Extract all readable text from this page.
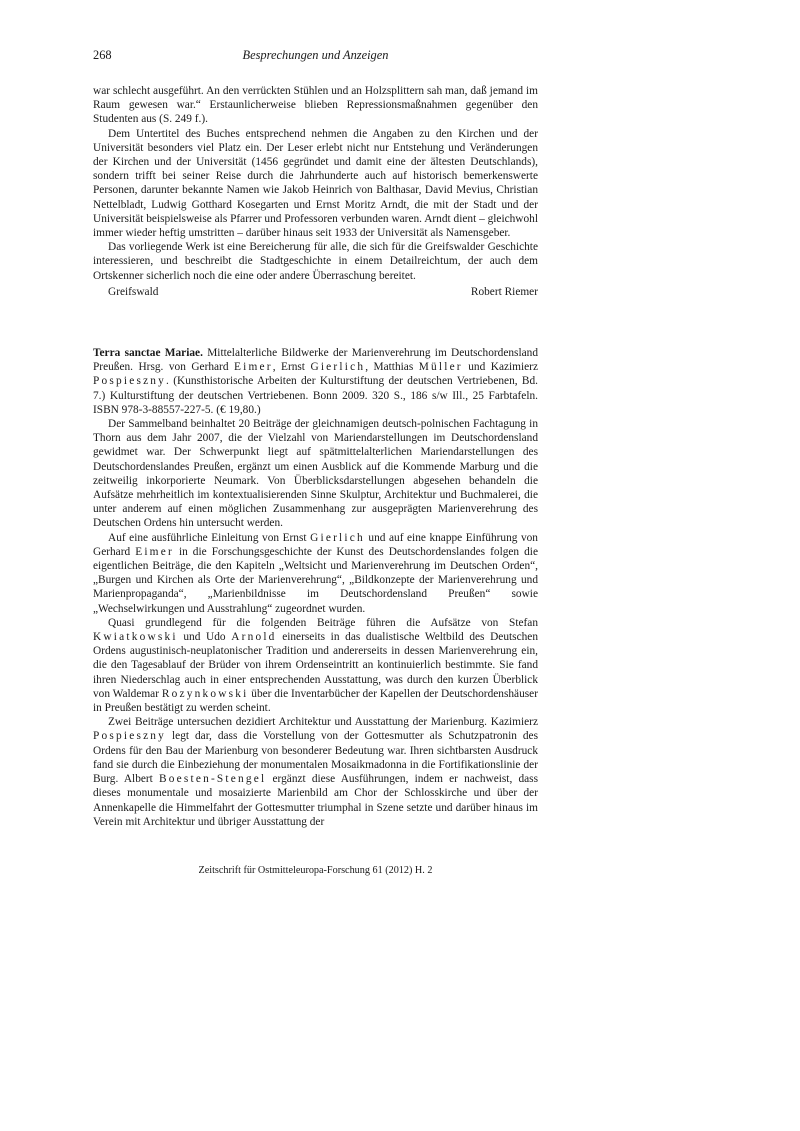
268	Besprechungen und Anzeigen

war schlecht ausgeführt. An den verrückten Stühlen und an Holzsplittern sah man, daß jemand im Raum gewesen war.“ Erstaunlicherweise blieben Repressionsmaßnahmen gegenüber den Studenten aus (S. 249 f.).

Dem Untertitel des Buches entsprechend nehmen die Angaben zu den Kirchen und der Universität besonders viel Platz ein. Der Leser erlebt nicht nur Entstehung und Veränderungen der Kirchen und der Universität (1456 gegründet und damit eine der ältesten Deutschlands), sondern trifft bei seiner Reise durch die Jahrhunderte auch auf historisch bemerkenswerte Personen, darunter bekannte Namen wie Jakob Heinrich von Balthasar, David Mevius, Christian Nettelbladt, Ludwig Gotthard Kosegarten und Ernst Moritz Arndt, die mit der Stadt und der Universität beispielsweise als Pfarrer und Professoren verbunden waren. Arndt dient – gleichwohl immer wieder heftig umstritten – darüber hinaus seit 1933 der Universität als Namensgeber.

Das vorliegende Werk ist eine Bereicherung für alle, die sich für die Greifswalder Geschichte interessieren, und beschreibt die Stadtgeschichte in einem Detailreichtum, der auch dem Ortskenner sicherlich noch die eine oder andere Überraschung bereitet.

Greifswald	Robert Riemer

Terra sanctae Mariae. Mittelalterliche Bildwerke der Marienverehrung im Deutschordensland Preußen. Hrsg. von Gerhard Eimer, Ernst Gierlich, Matthias Müller und Kazimierz Pospieszny. (Kunsthistorische Arbeiten der Kulturstiftung der deutschen Vertriebenen, Bd. 7.) Kulturstiftung der deutschen Vertriebenen. Bonn 2009. 320 S., 186 s/w Ill., 25 Farbtafeln. ISBN 978-3-88557-227-5. (€ 19,80.)

Der Sammelband beinhaltet 20 Beiträge der gleichnamigen deutsch-polnischen Fachtagung in Thorn aus dem Jahr 2007, die der Vielzahl von Mariendarstellungen im Deutschordensland gewidmet war. Der Schwerpunkt liegt auf spätmittelalterlichen Mariendarstellungen des Deutschordenslandes Preußen, ergänzt um einen Ausblick auf die Kommende Marburg und die zeitweilig inkorporierte Neumark. Von Überblicksdarstellungen abgesehen behandeln die Aufsätze mehrheitlich im kontextualisierenden Sinne Skulptur, Architektur und Buchmalerei, die unter anderem auf einen möglichen Zusammenhang zur ausgeprägten Marienverehrung des Deutschen Ordens hin untersucht werden.

Auf eine ausführliche Einleitung von Ernst Gierlich und auf eine knappe Einführung von Gerhard Eimer in die Forschungsgeschichte der Kunst des Deutschordenslandes folgen die eigentlichen Beiträge, die den Kapiteln „Weltsicht und Marienverehrung im Deutschen Orden“, „Burgen und Kirchen als Orte der Marienverehrung“, „Bildkonzepte der Marienverehrung und Marienpropaganda“, „Marienbildnisse im Deutschordensland Preußen“ sowie „Wechselwirkungen und Ausstrahlung“ zugeordnet wurden.

Quasi grundlegend für die folgenden Beiträge führen die Aufsätze von Stefan Kwiatkowski und Udo Arnold einerseits in das dualistische Weltbild des Deutschen Ordens augustinisch-neuplatonischer Tradition und andererseits in dessen Marienverehrung ein, die den Tagesablauf der Brüder von ihrem Ordenseintritt an kontinuierlich bestimmte. Sie fand ihren Niederschlag auch in einer entsprechenden Ausstattung, was durch den kurzen Überblick von Waldemar Rozynkowski über die Inventarbücher der Kapellen der Deutschordenshäuser in Preußen bestätigt zu werden scheint.

Zwei Beiträge untersuchen dezidiert Architektur und Ausstattung der Marienburg. Kazimierz Pospieszny legt dar, dass die Vorstellung von der Gottesmutter als Schutzpatronin des Ordens für den Bau der Marienburg von besonderer Bedeutung war. Ihren sichtbarsten Ausdruck fand sie durch die Einbeziehung der monumentalen Mosaikmadonna in die Fortifikationslinie der Burg. Albert Boesten-Stengel ergänzt diese Ausführungen, indem er nachweist, dass dieses monumentale und mosaizierte Marienbild am Chor der Schlosskirche und über der Annenkapelle die Himmelfahrt der Gottesmutter triumphal in Szene setzte und darüber hinaus im Verein mit Architektur und übriger Ausstattung der

Zeitschrift für Ostmitteleuropa-Forschung 61 (2012) H. 2
